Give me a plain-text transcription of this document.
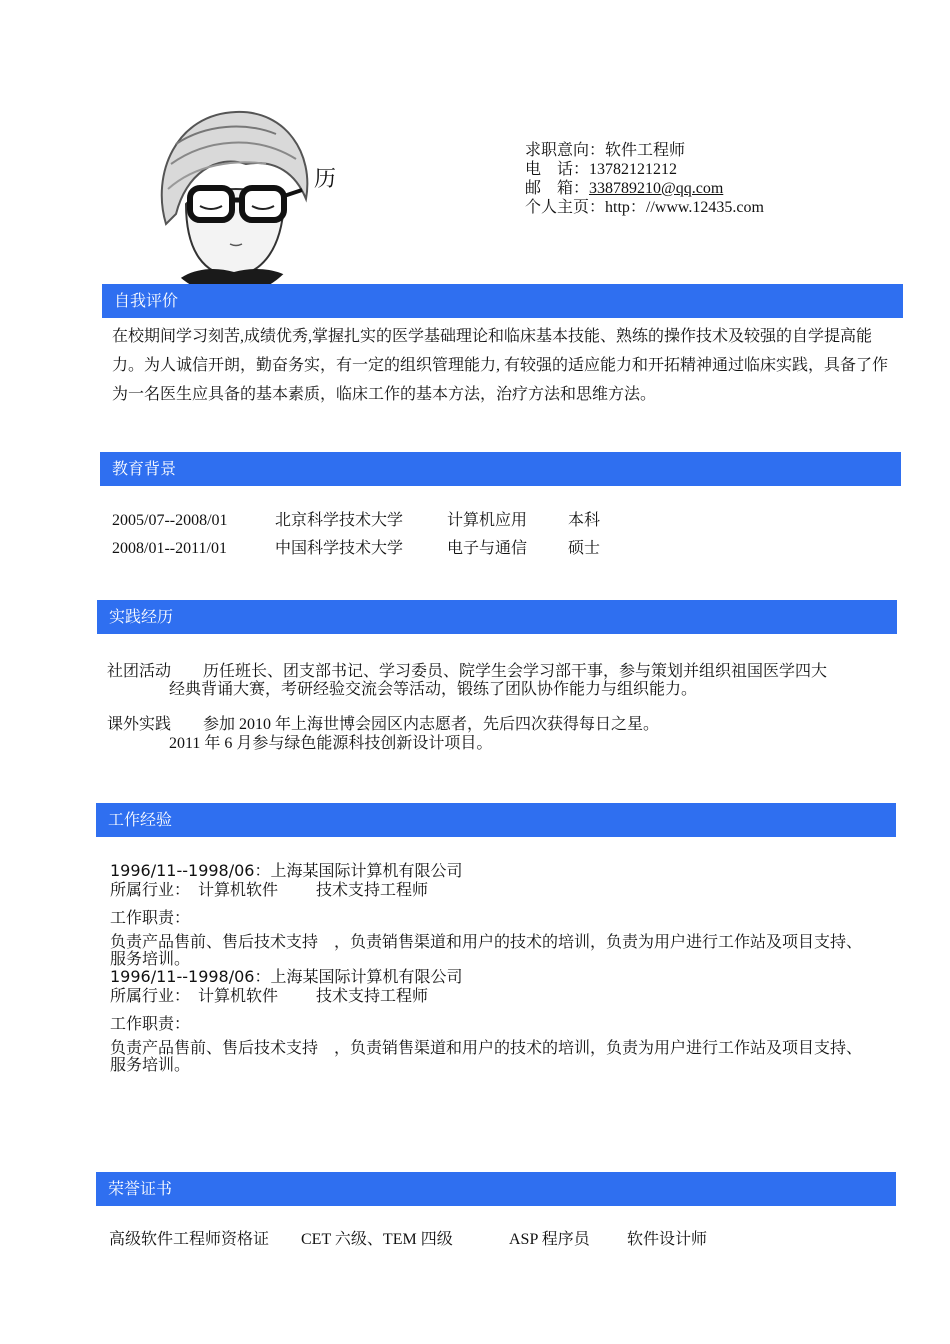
历
求职意向：软件工程师
电　话：13782121212
邮　箱：338789210@qq.com
个人主页：http：//www.12435.com
自我评价
在校期间学习刻苦,成绩优秀,掌握扎实的医学基础理论和临床基本技能、熟练的操作技术及较强的自学提高能力。为人诚信开朗，勤奋务实，有一定的组织管理能力, 有较强的适应能力和开拓精神通过临床实践，具备了作为一名医生应具备的基本素质，临床工作的基本方法，治疗方法和思维方法。
教育背景
2005/07--2008/01	北京科学技术大学	计算机应用	本科
2008/01--2011/01	中国科学技术大学	电子与通信	硕士
实践经历
社团活动 历任班长、团支部书记、学习委员、院学生会学习部干事，参与策划并组织祖国医学四大
经典背诵大赛，考研经验交流会等活动，锻练了团队协作能力与组织能力。
课外实践 参加 2010 年上海世博会园区内志愿者，先后四次获得每日之星。
2011 年 6 月参与绿色能源科技创新设计项目。
工作经验
1996/11--1998/06：上海某国际计算机有限公司
所属行业： 计算机软件 技术支持工程师
工作职责：
负责产品售前、售后技术支持　，负责销售渠道和用户的技术的培训，负责为用户进行工作站及项目支持、
服务培训。
1996/11--1998/06：上海某国际计算机有限公司
所属行业： 计算机软件 技术支持工程师
工作职责：
负责产品售前、售后技术支持　，负责销售渠道和用户的技术的培训，负责为用户进行工作站及项目支持、
服务培训。
荣誉证书
高级软件工程师资格证 CET 六级、TEM 四级	ASP 程序员 软件设计师
